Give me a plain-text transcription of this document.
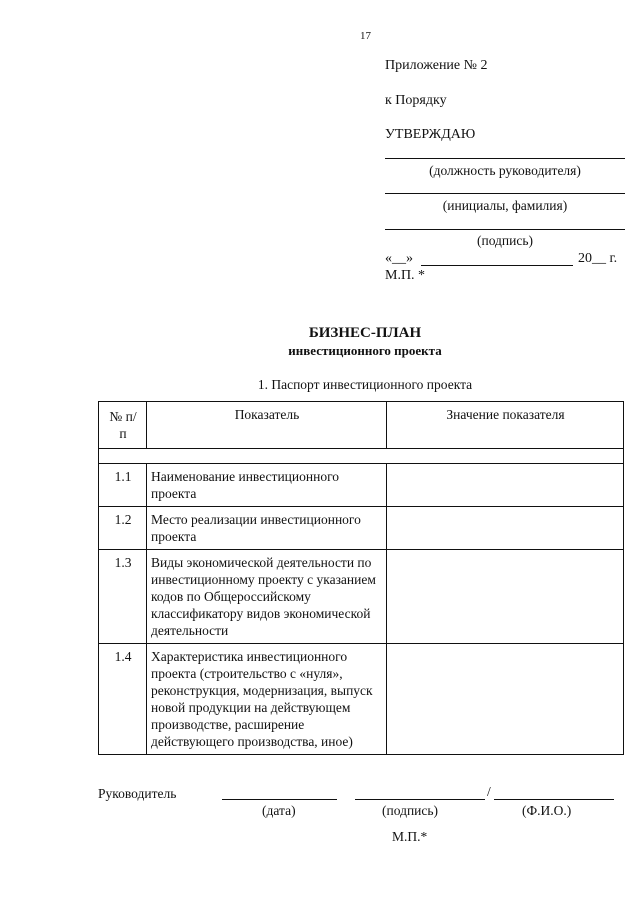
17
Приложение № 2
к Порядку
УТВЕРЖДАЮ
(должность руководителя)
(инициалы, фамилия)
(подпись)
«__»	20__ г.
М.П. *
БИЗНЕС-ПЛАН
инвестиционного проекта
1. Паспорт инвестиционного проекта
№ п/п	Показатель	Значение показателя

1.1	Наименование инвестиционного проекта	
1.2	Место реализации инвестиционного проекта	
1.3	Виды экономической деятельности по инвестиционному проекту с указанием кодов по Общероссийскому классификатору видов экономической деятельности	
1.4	Характеристика инвестиционного проекта (строительство с «нуля», реконструкция, модернизация, выпуск новой продукции на действующем производстве, расширение действующего производства, иное)	
Руководитель	/
(дата)	(подпись)	(Ф.И.О.)
М.П.*
